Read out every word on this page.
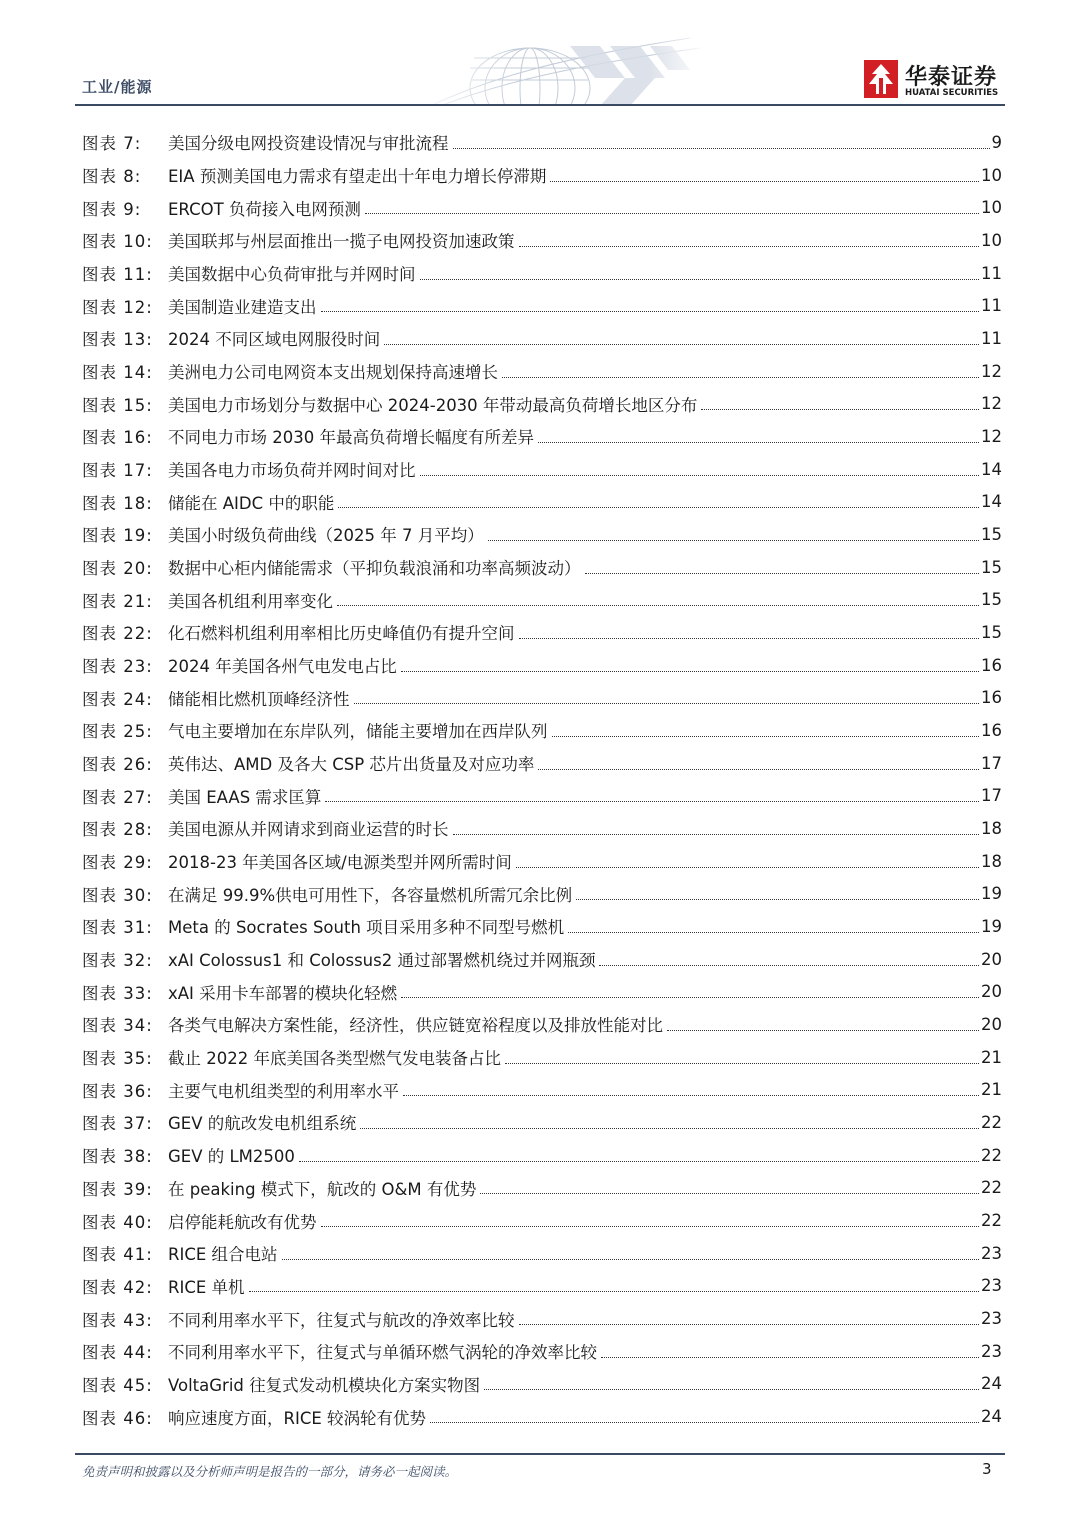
工业/能源	华泰证券
HUATAI SECURITIES
图表 7:	美国分级电网投资建设情况与审批流程	9
图表 8:	EIA 预测美国电力需求有望走出十年电力增长停滞期	10
图表 9:	ERCOT 负荷接入电网预测	10
图表 10: 美国联邦与州层面推出一揽子电网投资加速政策	10
图表 11: 美国数据中心负荷审批与并网时间	11
图表 12: 美国制造业建造支出	11
图表 13: 2024 不同区域电网服役时间	11
图表 14: 美洲电力公司电网资本支出规划保持高速增长	12
图表 15: 美国电力市场划分与数据中心 2024-2030 年带动最高负荷增长地区分布	12
图表 16: 不同电力市场 2030 年最高负荷增长幅度有所差异	12
图表 17: 美国各电力市场负荷并网时间对比	14
图表 18: 储能在 AIDC 中的职能	14
图表 19: 美国小时级负荷曲线（2025 年 7 月平均）	15
图表 20: 数据中心柜内储能需求（平抑负载浪涌和功率高频波动）	15
图表 21: 美国各机组利用率变化	15
图表 22: 化石燃料机组利用率相比历史峰值仍有提升空间	15
图表 23: 2024 年美国各州气电发电占比	16
图表 24: 储能相比燃机顶峰经济性	16
图表 25: 气电主要增加在东岸队列，储能主要增加在西岸队列	16
图表 26: 英伟达、AMD 及各大 CSP 芯片出货量及对应功率	17
图表 27: 美国 EAAS 需求匡算	17
图表 28: 美国电源从并网请求到商业运营的时长	18
图表 29: 2018-23 年美国各区域/电源类型并网所需时间	18
图表 30: 在满足 99.9%供电可用性下，各容量燃机所需冗余比例	19
图表 31: Meta 的 Socrates South 项目采用多种不同型号燃机	19
图表 32: xAI Colossus1 和 Colossus2 通过部署燃机绕过并网瓶颈	20
图表 33: xAI 采用卡车部署的模块化轻燃	20
图表 34: 各类气电解决方案性能，经济性，供应链宽裕程度以及排放性能对比	20
图表 35: 截止 2022 年底美国各类型燃气发电装备占比	21
图表 36: 主要气电机组类型的利用率水平	21
图表 37: GEV 的航改发电机组系统	22
图表 38: GEV 的 LM2500	22
图表 39: 在 peaking 模式下，航改的 O&M 有优势	22
图表 40: 启停能耗航改有优势	22
图表 41: RICE 组合电站	23
图表 42: RICE 单机	23
图表 43: 不同利用率水平下，往复式与航改的净效率比较	23
图表 44: 不同利用率水平下，往复式与单循环燃气涡轮的净效率比较	23
图表 45: VoltaGrid 往复式发动机模块化方案实物图	24
图表 46: 响应速度方面，RICE 较涡轮有优势	24
免责声明和披露以及分析师声明是报告的一部分，请务必一起阅读。	3
